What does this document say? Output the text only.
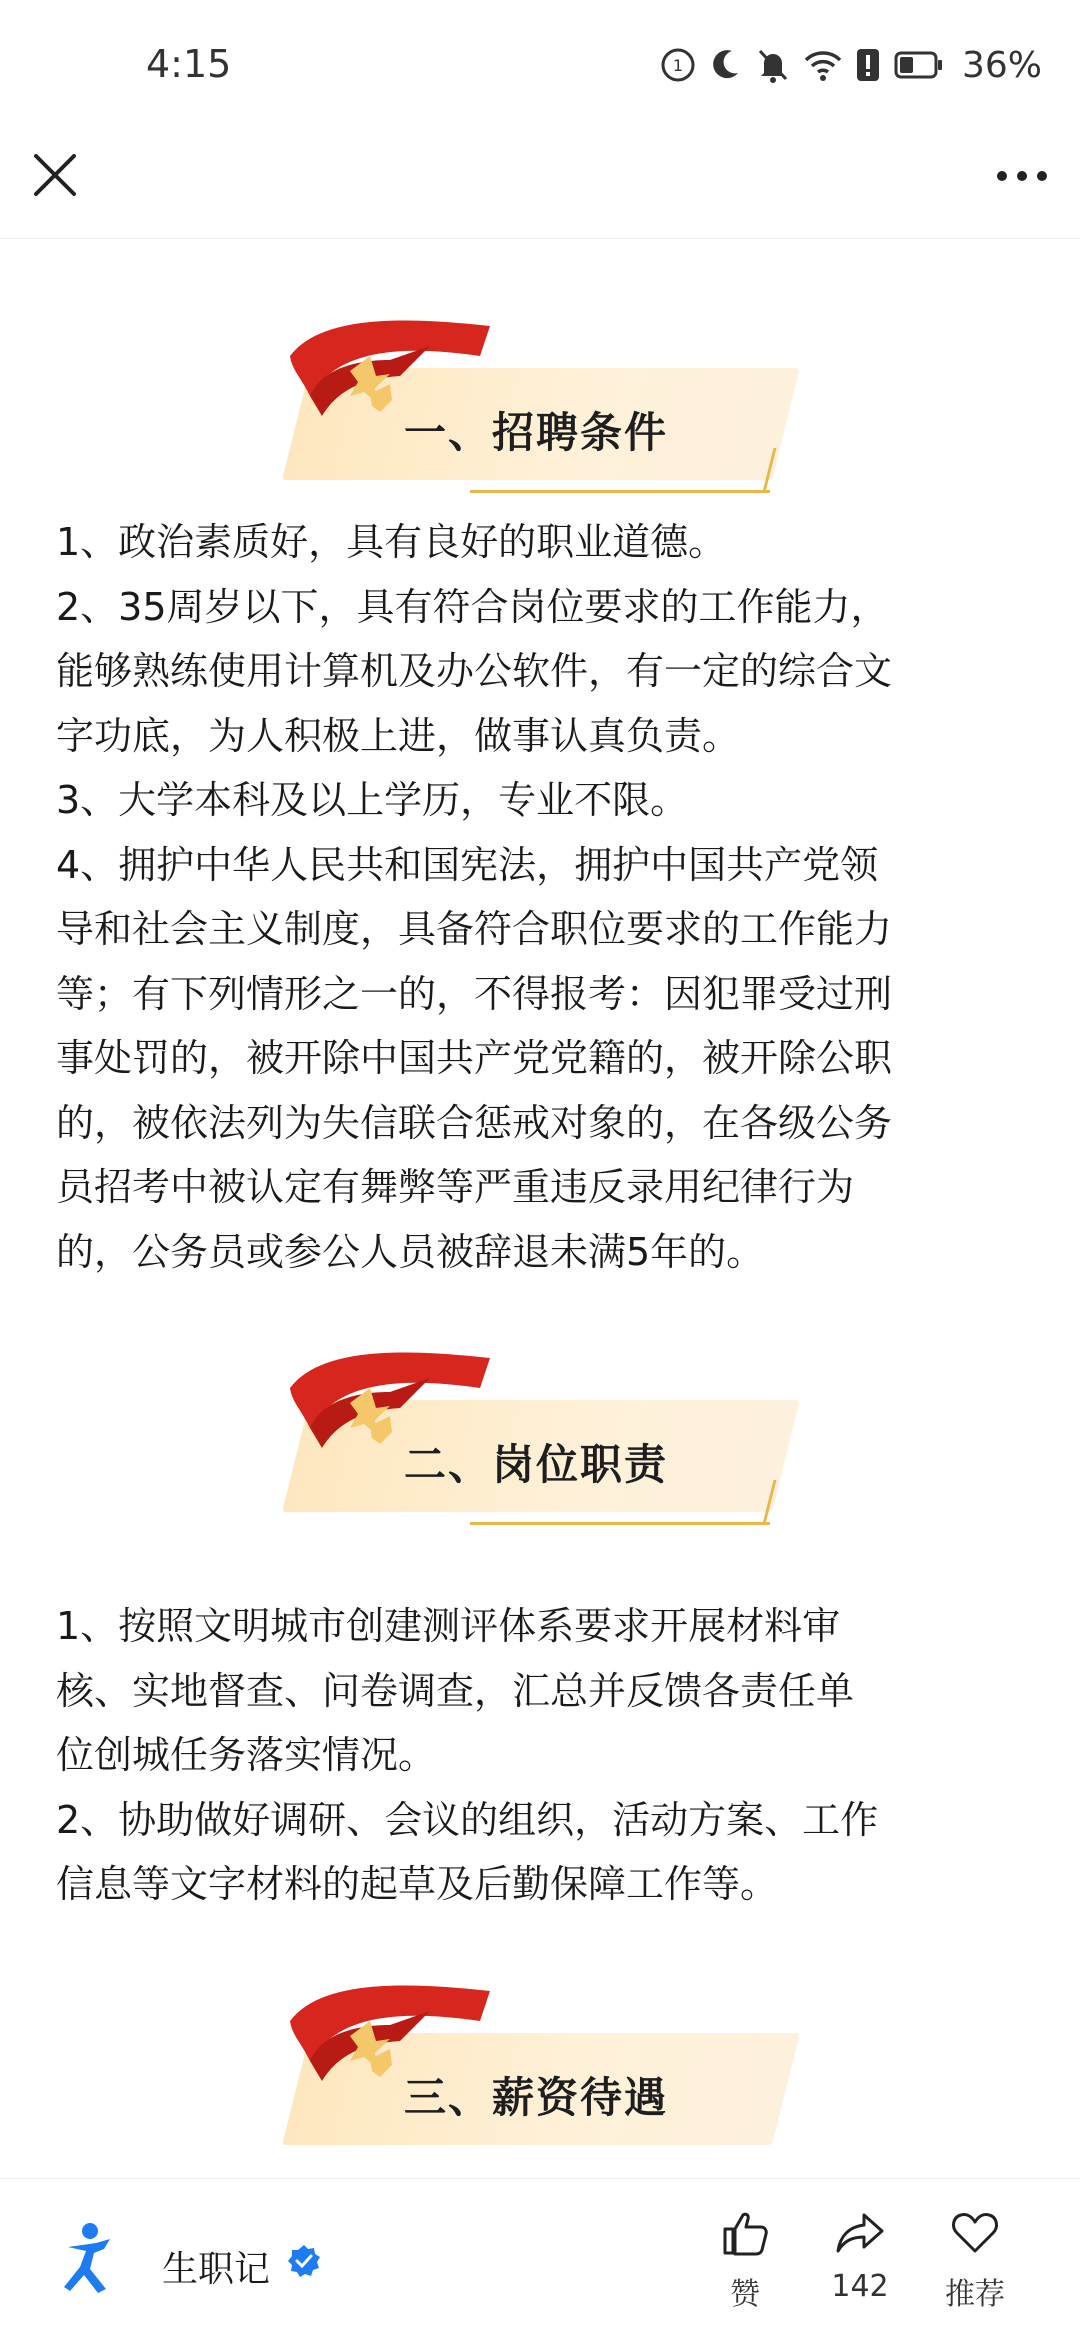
4:15	1	36%
一、招聘条件

1、政治素质好，具有良好的职业道德。

2、35周岁以下，具有符合岗位要求的工作能力，

能够熟练使用计算机及办公软件，有一定的综合文

字功底，为人积极上进，做事认真负责。

3、大学本科及以上学历，专业不限。

4、拥护中华人民共和国宪法，拥护中国共产党领

导和社会主义制度，具备符合职位要求的工作能力

等；有下列情形之一的，不得报考：因犯罪受过刑

事处罚的，被开除中国共产党党籍的，被开除公职

的，被依法列为失信联合惩戒对象的，在各级公务

员招考中被认定有舞弊等严重违反录用纪律行为

的，公务员或参公人员被辞退未满5年的。

二、岗位职责

1、按照文明城市创建测评体系要求开展材料审

核、实地督查、问卷调查，汇总并反馈各责任单

位创城任务落实情况。

2、协助做好调研、会议的组织，活动方案、工作

信息等文字材料的起草及后勤保障工作等。

三、薪资待遇
生职记
赞	142	推荐
